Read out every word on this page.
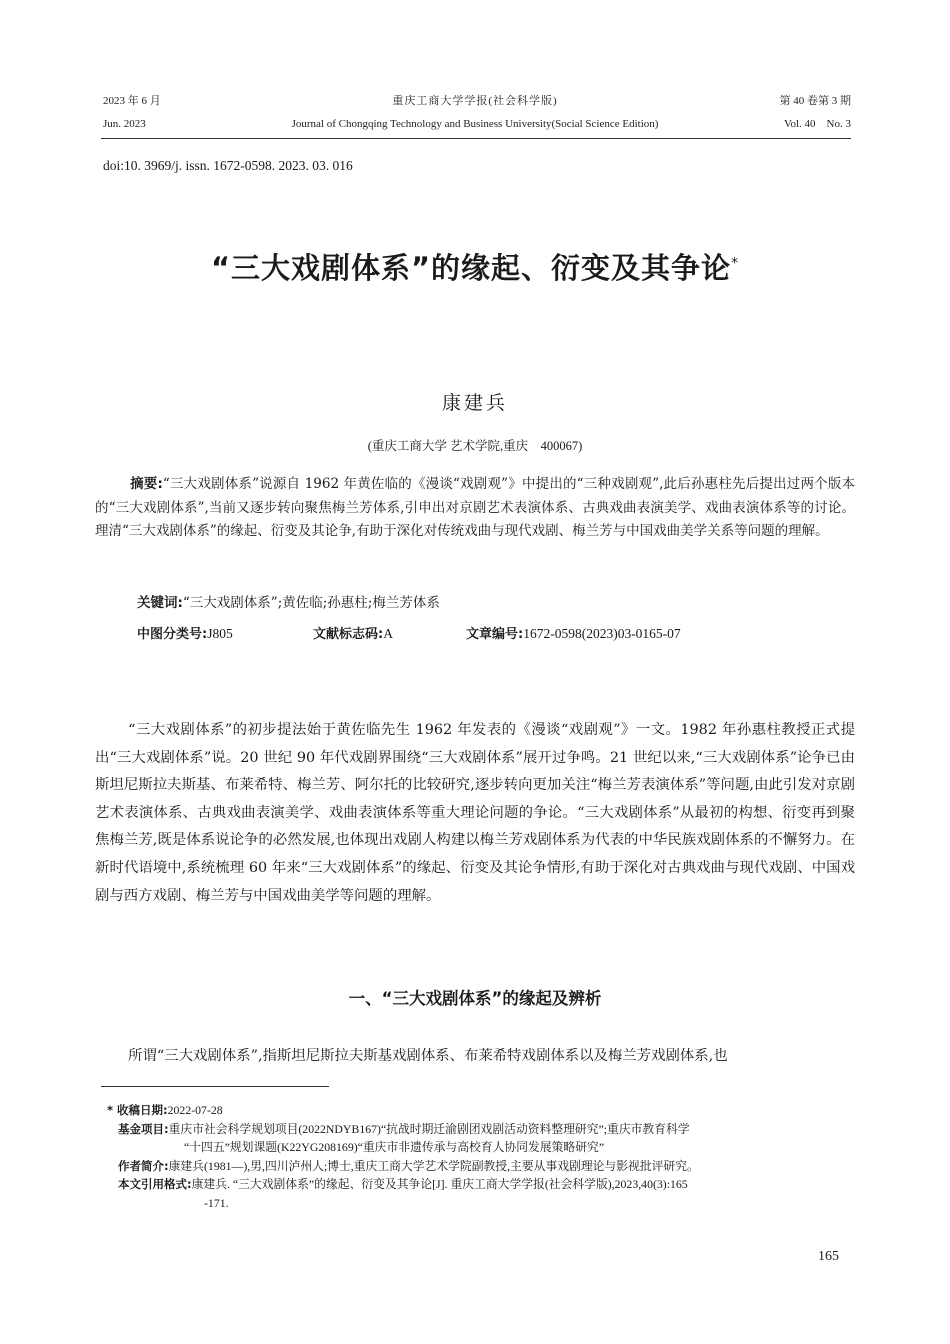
2023 年 6 月	重庆工商大学学报(社会科学版)	第 40 卷第 3 期
Jun. 2023	Journal of Chongqing Technology and Business University(Social Science Edition)	Vol. 40    No. 3
doi:10. 3969/j. issn. 1672-0598. 2023. 03. 016
“三大戏剧体系”的缘起、衍变及其争论*
康建兵
(重庆工商大学 艺术学院,重庆　400067)
摘要:“三大戏剧体系”说源自 1962 年黄佐临的《漫谈“戏剧观”》中提出的“三种戏剧观”,此后孙惠柱先后提出过两个版本的“三大戏剧体系”,当前又逐步转向聚焦梅兰芳体系,引申出对京剧艺术表演体系、古典戏曲表演美学、戏曲表演体系等的讨论。理清“三大戏剧体系”的缘起、衍变及其论争,有助于深化对传统戏曲与现代戏剧、梅兰芳与中国戏曲美学关系等问题的理解。
关键词:“三大戏剧体系”;黄佐临;孙惠柱;梅兰芳体系
中图分类号:J805	文献标志码:A	文章编号:1672-0598(2023)03-0165-07
“三大戏剧体系”的初步提法始于黄佐临先生 1962 年发表的《漫谈“戏剧观”》一文。1982 年孙惠柱教授正式提出“三大戏剧体系”说。20 世纪 90 年代戏剧界围绕“三大戏剧体系”展开过争鸣。21 世纪以来,“三大戏剧体系”论争已由斯坦尼斯拉夫斯基、布莱希特、梅兰芳、阿尔托的比较研究,逐步转向更加关注“梅兰芳表演体系”等问题,由此引发对京剧艺术表演体系、古典戏曲表演美学、戏曲表演体系等重大理论问题的争论。“三大戏剧体系”从最初的构想、衍变再到聚焦梅兰芳,既是体系说论争的必然发展,也体现出戏剧人构建以梅兰芳戏剧体系为代表的中华民族戏剧体系的不懈努力。在新时代语境中,系统梳理 60 年来“三大戏剧体系”的缘起、衍变及其论争情形,有助于深化对古典戏曲与现代戏剧、中国戏剧与西方戏剧、梅兰芳与中国戏曲美学等问题的理解。
一、“三大戏剧体系”的缘起及辨析
所谓“三大戏剧体系”,指斯坦尼斯拉夫斯基戏剧体系、布莱希特戏剧体系以及梅兰芳戏剧体系,也
* 收稿日期:2022-07-28
基金项目:重庆市社会科学规划项目(2022NDYB167)“抗战时期迁渝剧团戏剧活动资料整理研究”;重庆市教育科学
“十四五”规划课题(K22YG208169)“重庆市非遗传承与高校育人协同发展策略研究”
作者简介:康建兵(1981—),男,四川泸州人;博士,重庆工商大学艺术学院副教授,主要从事戏剧理论与影视批评研究。
本文引用格式:康建兵. “三大戏剧体系”的缘起、衍变及其争论[J]. 重庆工商大学学报(社会科学版),2023,40(3):165
-171.
165
